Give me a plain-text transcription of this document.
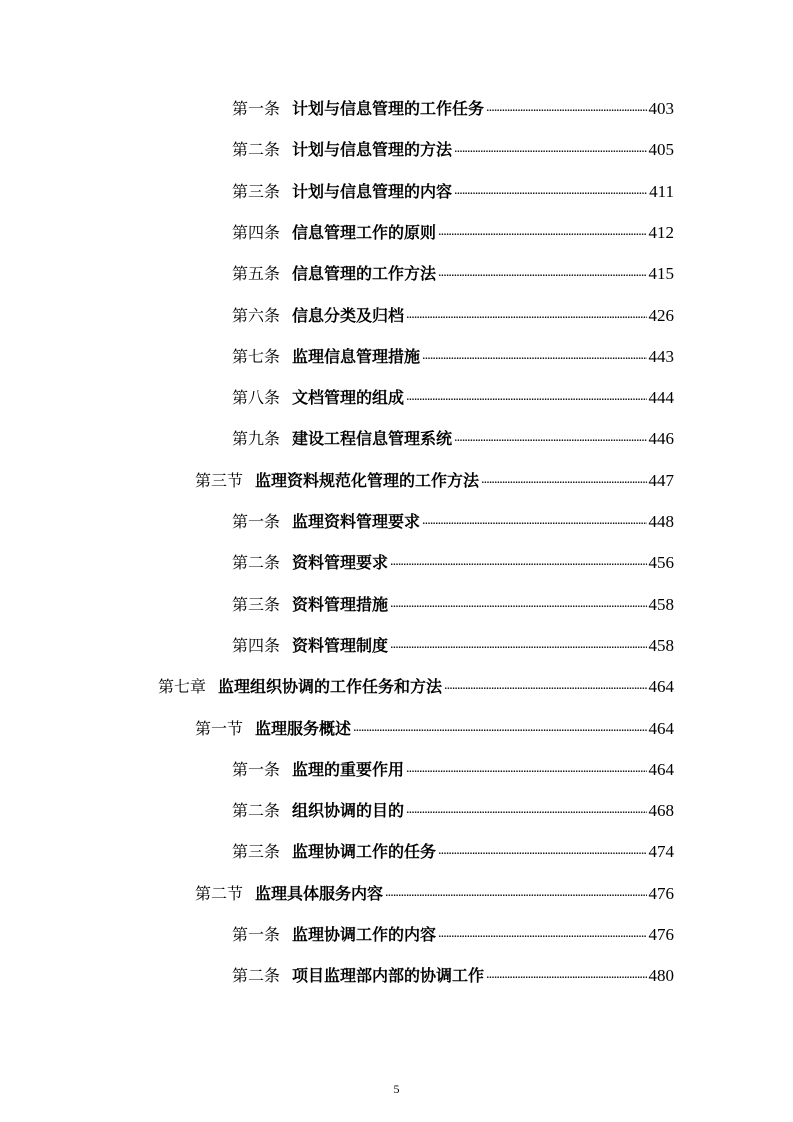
第一条 计划与信息管理的工作任务 . . .	403
第二条 计划与信息管理的方法 . . .	405
第三条 计划与信息管理的内容 . . .	411
第四条 信息管理工作的原则 . . .	412
第五条 信息管理的工作方法 . . .	415
第六条 信息分类及归档 . . .	426
第七条 监理信息管理措施 . . .	443
第八条 文档管理的组成 . . .	444
第九条 建设工程信息管理系统 . . .	446
第三节 监理资料规范化管理的工作方法 . . .	447
第一条 监理资料管理要求 . . .	448
第二条 资料管理要求 . . .	456
第三条 资料管理措施 . . .	458
第四条 资料管理制度 . . .	458
第七章 监理组织协调的工作任务和方法 . . .	464
第一节 监理服务概述 . . .	464
第一条 监理的重要作用 . . .	464
第二条 组织协调的目的 . . .	468
第三条 监理协调工作的任务 . . .	474
第二节 监理具体服务内容 . . .	476
第一条 监理协调工作的内容 . . .	476
第二条 项目监理部内部的协调工作 . . .	480
5
